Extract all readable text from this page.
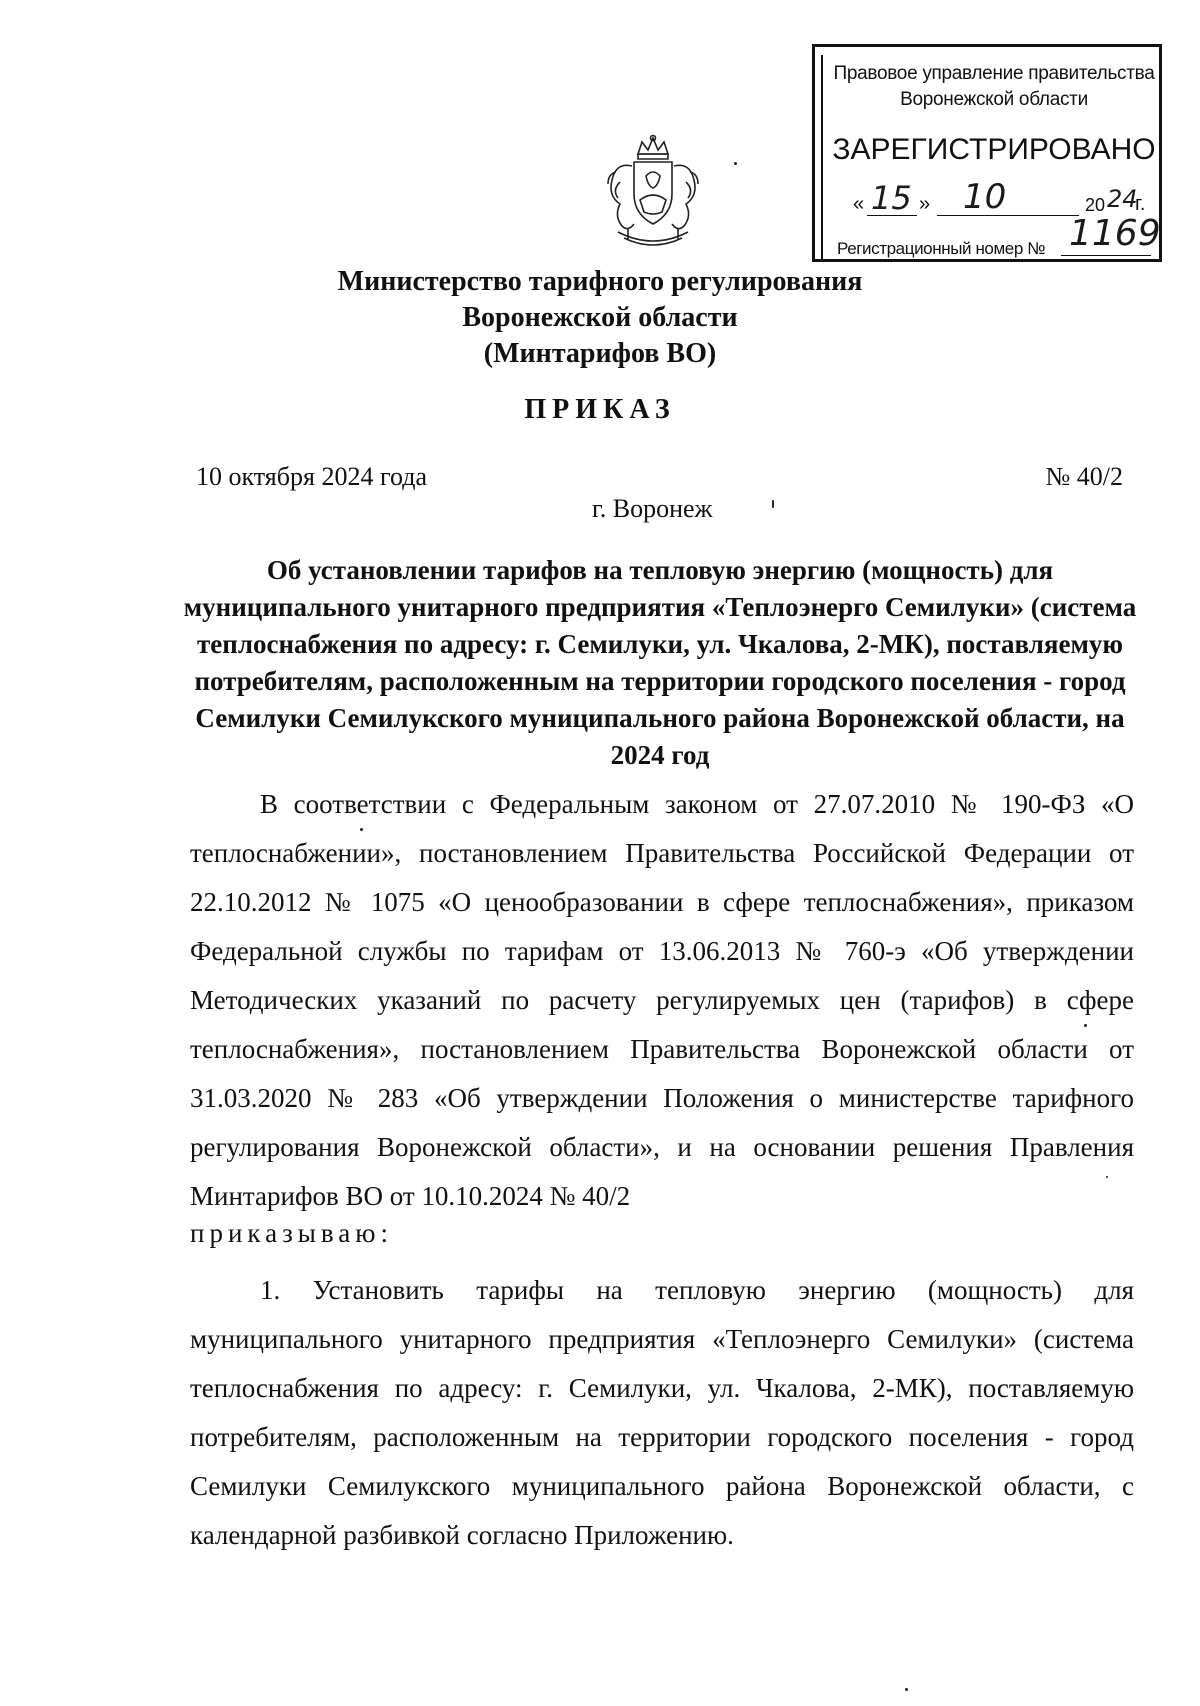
Правовое управление правительства
Воронежской области
ЗАРЕГИСТРИРОВАНО
« 15 » 10	20 24
г.
Регистрационный номер № 1169
Министерство тарифного регулирования
Воронежской области
(Минтарифов ВО)
ПРИКАЗ
10 октября 2024 года	№ 40/2
г. Воронеж
Об установлении тарифов на тепловую энергию (мощность) для муниципального унитарного предприятия «Теплоэнерго Семилуки» (система теплоснабжения по адресу: г. Семилуки, ул. Чкалова, 2-МК), поставляемую потребителям, расположенным на территории городского поселения - город Семилуки Семилукского муниципального района Воронежской области, на 2024 год
В соответствии с Федеральным законом от 27.07.2010 № 190-ФЗ «О теплоснабжении», постановлением Правительства Российской Федерации от 22.10.2012 № 1075 «О ценообразовании в сфере теплоснабжения», приказом Федеральной службы по тарифам от 13.06.2013 № 760-э «Об утверждении Методических указаний по расчету регулируемых цен (тарифов) в сфере теплоснабжения», постановлением Правительства Воронежской области от 31.03.2020 № 283 «Об утверждении Положения о министерстве тарифного регулирования Воронежской области», и на основании решения Правления Минтарифов ВО от 10.10.2024 № 40/2
приказываю:
1. Установить тарифы на тепловую энергию (мощность) для муниципального унитарного предприятия «Теплоэнерго Семилуки» (система теплоснабжения по адресу: г. Семилуки, ул. Чкалова, 2-МК), поставляемую потребителям, расположенным на территории городского поселения - город Семилуки Семилукского муниципального района Воронежской области, с календарной разбивкой согласно Приложению.
